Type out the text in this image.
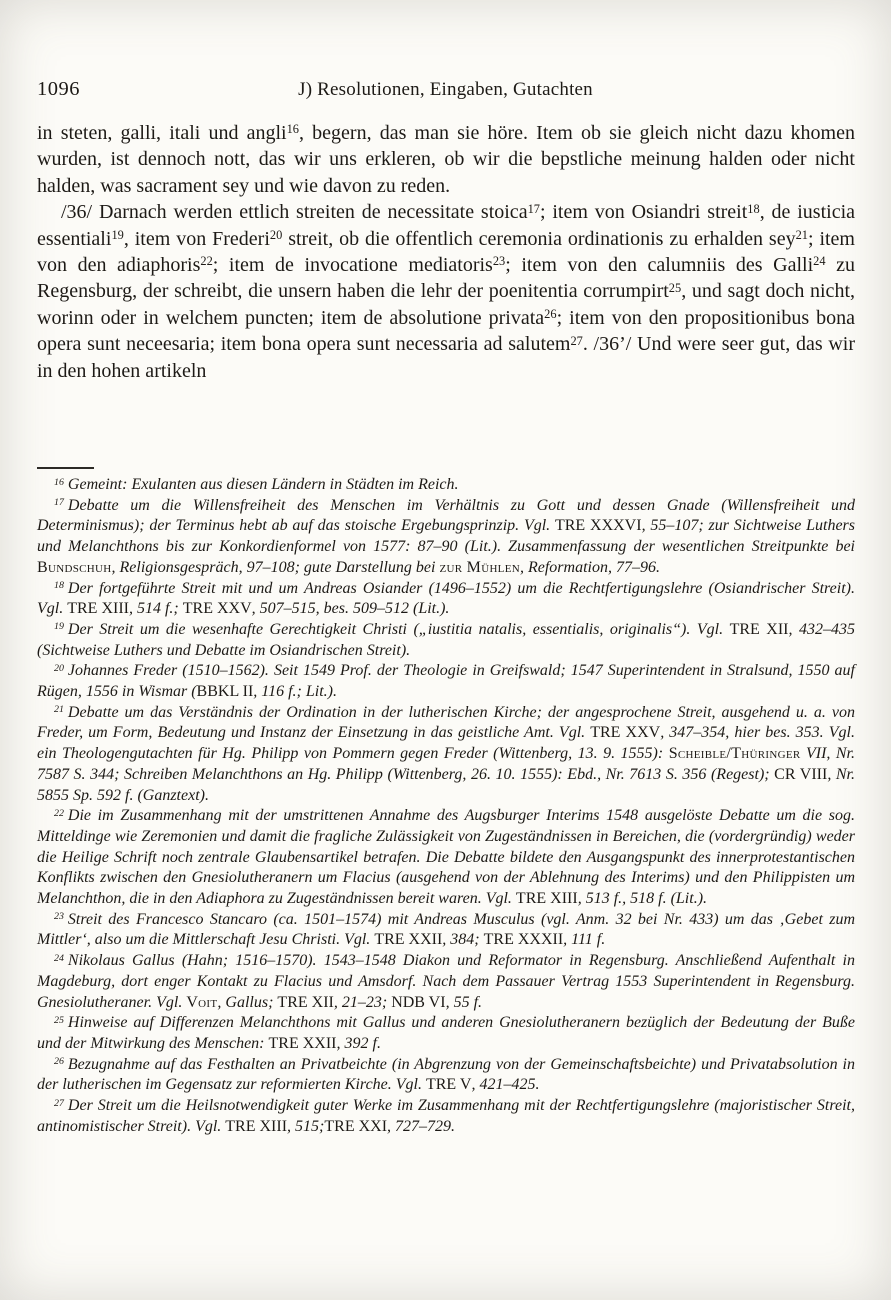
1096	J) Resolutionen, Eingaben, Gutachten

in steten, galli, itali und angli$^{16}$, begern, das man sie höre. Item ob sie gleich nicht dazu khomen wurden, ist dennoch nott, das wir uns erkleren, ob wir die bepstliche meinung halden oder nicht halden, was sacrament sey und wie davon zu reden.

/36/ Darnach werden ettlich streiten de necessitate stoica$^{17}$; item von Osiandri streit$^{18}$, de iusticia essentiali$^{19}$, item von Frederi$^{20}$ streit, ob die offentlich ceremonia ordinationis zu erhalden sey$^{21}$; item von den adiaphoris$^{22}$; item de invocatione mediatoris$^{23}$; item von den calumniis des Galli$^{24}$ zu Regensburg, der schreibt, die unsern haben die lehr der poenitentia corrumpirt$^{25}$, und sagt doch nicht, worinn oder in welchem puncten; item de absolutione privata$^{26}$; item von den propositionibus bona opera sunt neceesaria; item bona opera sunt necessaria ad salutem$^{27}$. /36’/ Und were seer gut, das wir in den hohen artikeln

$^{16}$ Gemeint: Exulanten aus diesen Ländern in Städten im Reich.

$^{17}$ Debatte um die Willensfreiheit des Menschen im Verhältnis zu Gott und dessen Gnade (Willensfreiheit und Determinismus); der Terminus hebt ab auf das stoische Ergebungsprinzip. Vgl. TRE XXXVI, 55–107; zur Sichtweise Luthers und Melanchthons bis zur Konkordienformel von 1577: 87–90 (Lit.). Zusammenfassung der wesentlichen Streitpunkte bei Bundschuh, Religionsgespräch, 97–108; gute Darstellung bei zur Mühlen, Reformation, 77–96.

$^{18}$ Der fortgeführte Streit mit und um Andreas Osiander (1496–1552) um die Rechtfertigungslehre (Osiandrischer Streit). Vgl. TRE XIII, 514 f.; TRE XXV, 507–515, bes. 509–512 (Lit.).

$^{19}$ Der Streit um die wesenhafte Gerechtigkeit Christi („iustitia natalis, essentialis, originalis“). Vgl. TRE XII, 432–435 (Sichtweise Luthers und Debatte im Osiandrischen Streit).

$^{20}$ Johannes Freder (1510–1562). Seit 1549 Prof. der Theologie in Greifswald; 1547 Superintendent in Stralsund, 1550 auf Rügen, 1556 in Wismar (BBKL II, 116 f.; Lit.).

$^{21}$ Debatte um das Verständnis der Ordination in der lutherischen Kirche; der angesprochene Streit, ausgehend u. a. von Freder, um Form, Bedeutung und Instanz der Einsetzung in das geistliche Amt. Vgl. TRE XXV, 347–354, hier bes. 353. Vgl. ein Theologengutachten für Hg. Philipp von Pommern gegen Freder (Wittenberg, 13. 9. 1555): Scheible/Thüringer VII, Nr. 7587 S. 344; Schreiben Melanchthons an Hg. Philipp (Wittenberg, 26. 10. 1555): Ebd., Nr. 7613 S. 356 (Regest); CR VIII, Nr. 5855 Sp. 592 f. (Ganztext).

$^{22}$ Die im Zusammenhang mit der umstrittenen Annahme des Augsburger Interims 1548 ausgelöste Debatte um die sog. Mitteldinge wie Zeremonien und damit die fragliche Zulässigkeit von Zugeständnissen in Bereichen, die (vordergründig) weder die Heilige Schrift noch zentrale Glaubensartikel betrafen. Die Debatte bildete den Ausgangspunkt des innerprotestantischen Konflikts zwischen den Gnesiolutheranern um Flacius (ausgehend von der Ablehnung des Interims) und den Philippisten um Melanchthon, die in den Adiaphora zu Zugeständnissen bereit waren. Vgl. TRE XIII, 513 f., 518 f. (Lit.).

$^{23}$ Streit des Francesco Stancaro (ca. 1501–1574) mit Andreas Musculus (vgl. Anm. 32 bei Nr. 433) um das ‚Gebet zum Mittler‘, also um die Mittlerschaft Jesu Christi. Vgl. TRE XXII, 384; TRE XXXII, 111 f.

$^{24}$ Nikolaus Gallus (Hahn; 1516–1570). 1543–1548 Diakon und Reformator in Regensburg. Anschließend Aufenthalt in Magdeburg, dort enger Kontakt zu Flacius und Amsdorf. Nach dem Passauer Vertrag 1553 Superintendent in Regensburg. Gnesiolutheraner. Vgl. Voit, Gallus; TRE XII, 21–23; NDB VI, 55 f.

$^{25}$ Hinweise auf Differenzen Melanchthons mit Gallus und anderen Gnesiolutheranern bezüglich der Bedeutung der Buße und der Mitwirkung des Menschen: TRE XXII, 392 f.

$^{26}$ Bezugnahme auf das Festhalten an Privatbeichte (in Abgrenzung von der Gemeinschaftsbeichte) und Privatabsolution in der lutherischen im Gegensatz zur reformierten Kirche. Vgl. TRE V, 421–425.

$^{27}$ Der Streit um die Heilsnotwendigkeit guter Werke im Zusammenhang mit der Rechtfertigungslehre (majoristischer Streit, antinomistischer Streit). Vgl. TRE XIII, 515;TRE XXI, 727–729.
